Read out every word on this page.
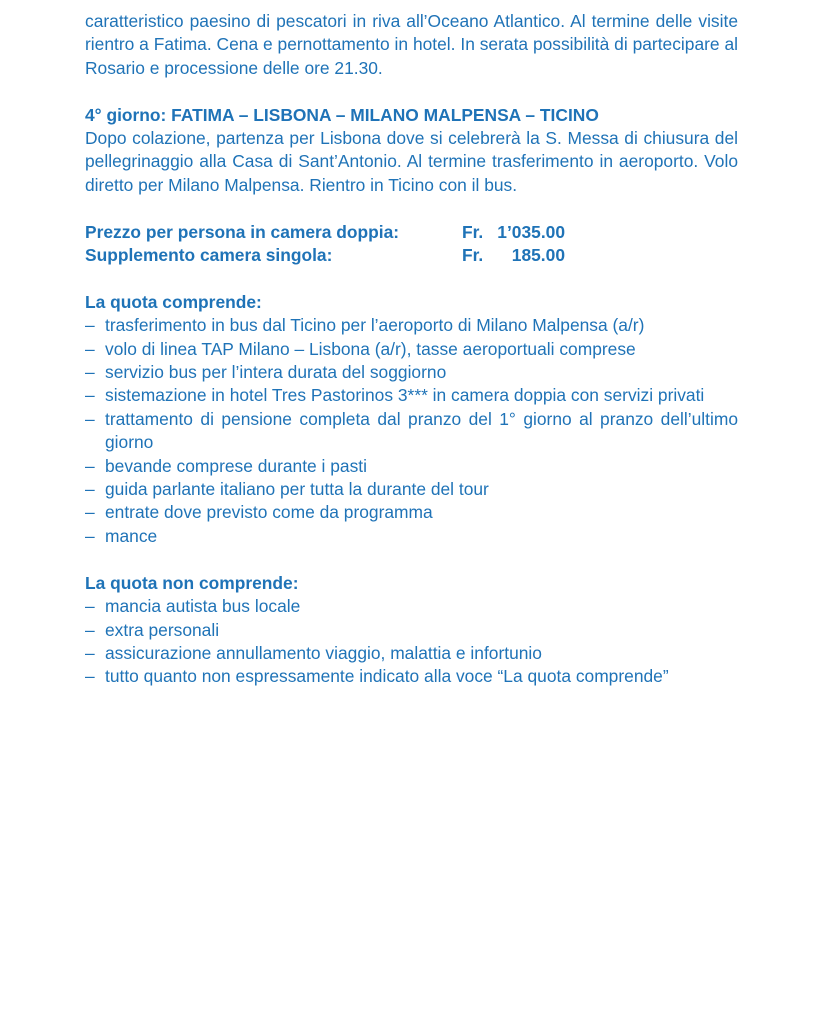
caratteristico paesino di pescatori in riva all’Oceano Atlantico. Al termine delle visite rientro a Fatima. Cena e pernottamento in hotel. In serata possibilità di partecipare al Rosario e processione delle ore 21.30.

4° giorno: FATIMA – LISBONA – MILANO MALPENSA – TICINO

Dopo colazione, partenza per Lisbona dove si celebrerà la S. Messa di chiusura del pellegrinaggio alla Casa di Sant’Antonio. Al termine trasferimento in aeroporto. Volo diretto per Milano Malpensa. Rientro in Ticino con il bus.

Prezzo per persona in camera doppia:	Fr.	1’035.00
Supplemento camera singola:	Fr.	185.00

La quota comprende:

– trasferimento in bus dal Ticino per l’aeroporto di Milano Malpensa (a/r)
– volo di linea TAP Milano – Lisbona (a/r), tasse aeroportuali comprese
– servizio bus per l’intera durata del soggiorno
– sistemazione in hotel Tres Pastorinos 3*** in camera doppia con servizi privati
– trattamento di pensione completa dal pranzo del 1° giorno al pranzo dell’ultimo giorno
– bevande comprese durante i pasti
– guida parlante italiano per tutta la durante del tour
– entrate dove previsto come da programma
– mance

La quota non comprende:

– mancia autista bus locale
– extra personali
– assicurazione annullamento viaggio, malattia e infortunio
– tutto quanto non espressamente indicato alla voce “La quota comprende”
